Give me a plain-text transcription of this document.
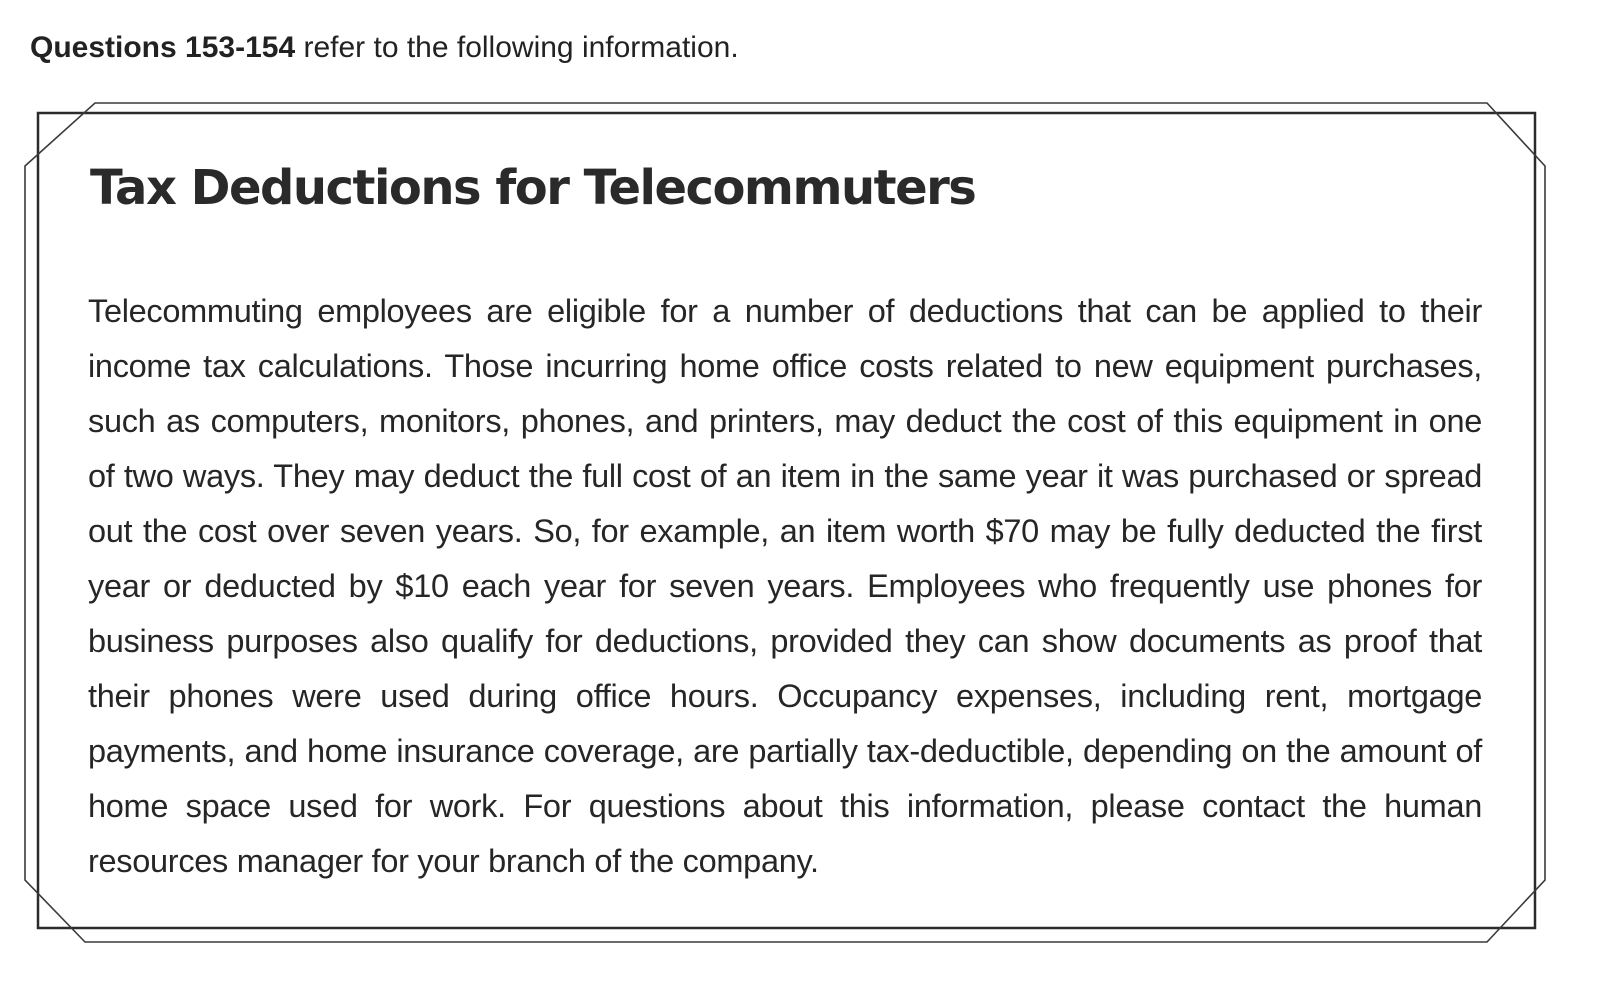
Questions 153-154 refer to the following information.

Tax Deductions for Telecommuters

Telecommuting employees are eligible for a number of deductions that can be applied to their income tax calculations. Those incurring home office costs related to new equipment purchases, such as computers, monitors, phones, and printers, may deduct the cost of this equipment in one of two ways. They may deduct the full cost of an item in the same year it was purchased or spread out the cost over seven years. So, for example, an item worth $70 may be fully deducted the first year or deducted by $10 each year for seven years. Employees who frequently use phones for business purposes also qualify for deductions, provided they can show documents as proof that their phones were used during office hours. Occupancy expenses, including rent, mortgage payments, and home insurance coverage, are partially tax-deductible, depending on the amount of home space used for work. For questions about this information, please contact the human resources manager for your branch of the company.
